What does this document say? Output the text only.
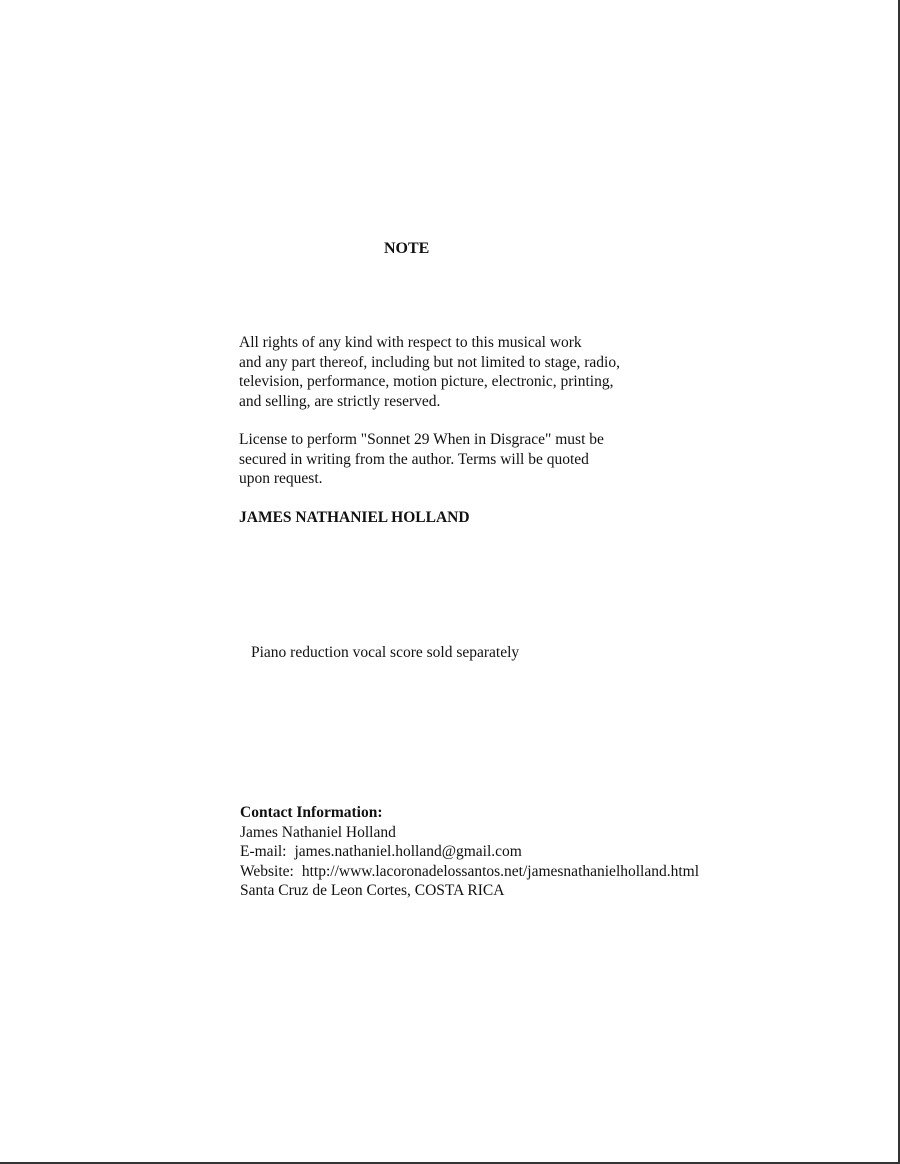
NOTE

All rights of any kind with respect to this musical work
and any part thereof, including but not limited to stage, radio,
television, performance, motion picture, electronic, printing,
and selling, are strictly reserved.

License to perform "Sonnet 29 When in Disgrace" must be
secured in writing from the author. Terms will be quoted
upon request.

JAMES NATHANIEL HOLLAND

Piano reduction vocal score sold separately

Contact Information:
James Nathaniel Holland
E-mail: james.nathaniel.holland@gmail.com
Website: http://www.lacoronadelossantos.net/jamesnathanielholland.html
Santa Cruz de Leon Cortes, COSTA RICA
